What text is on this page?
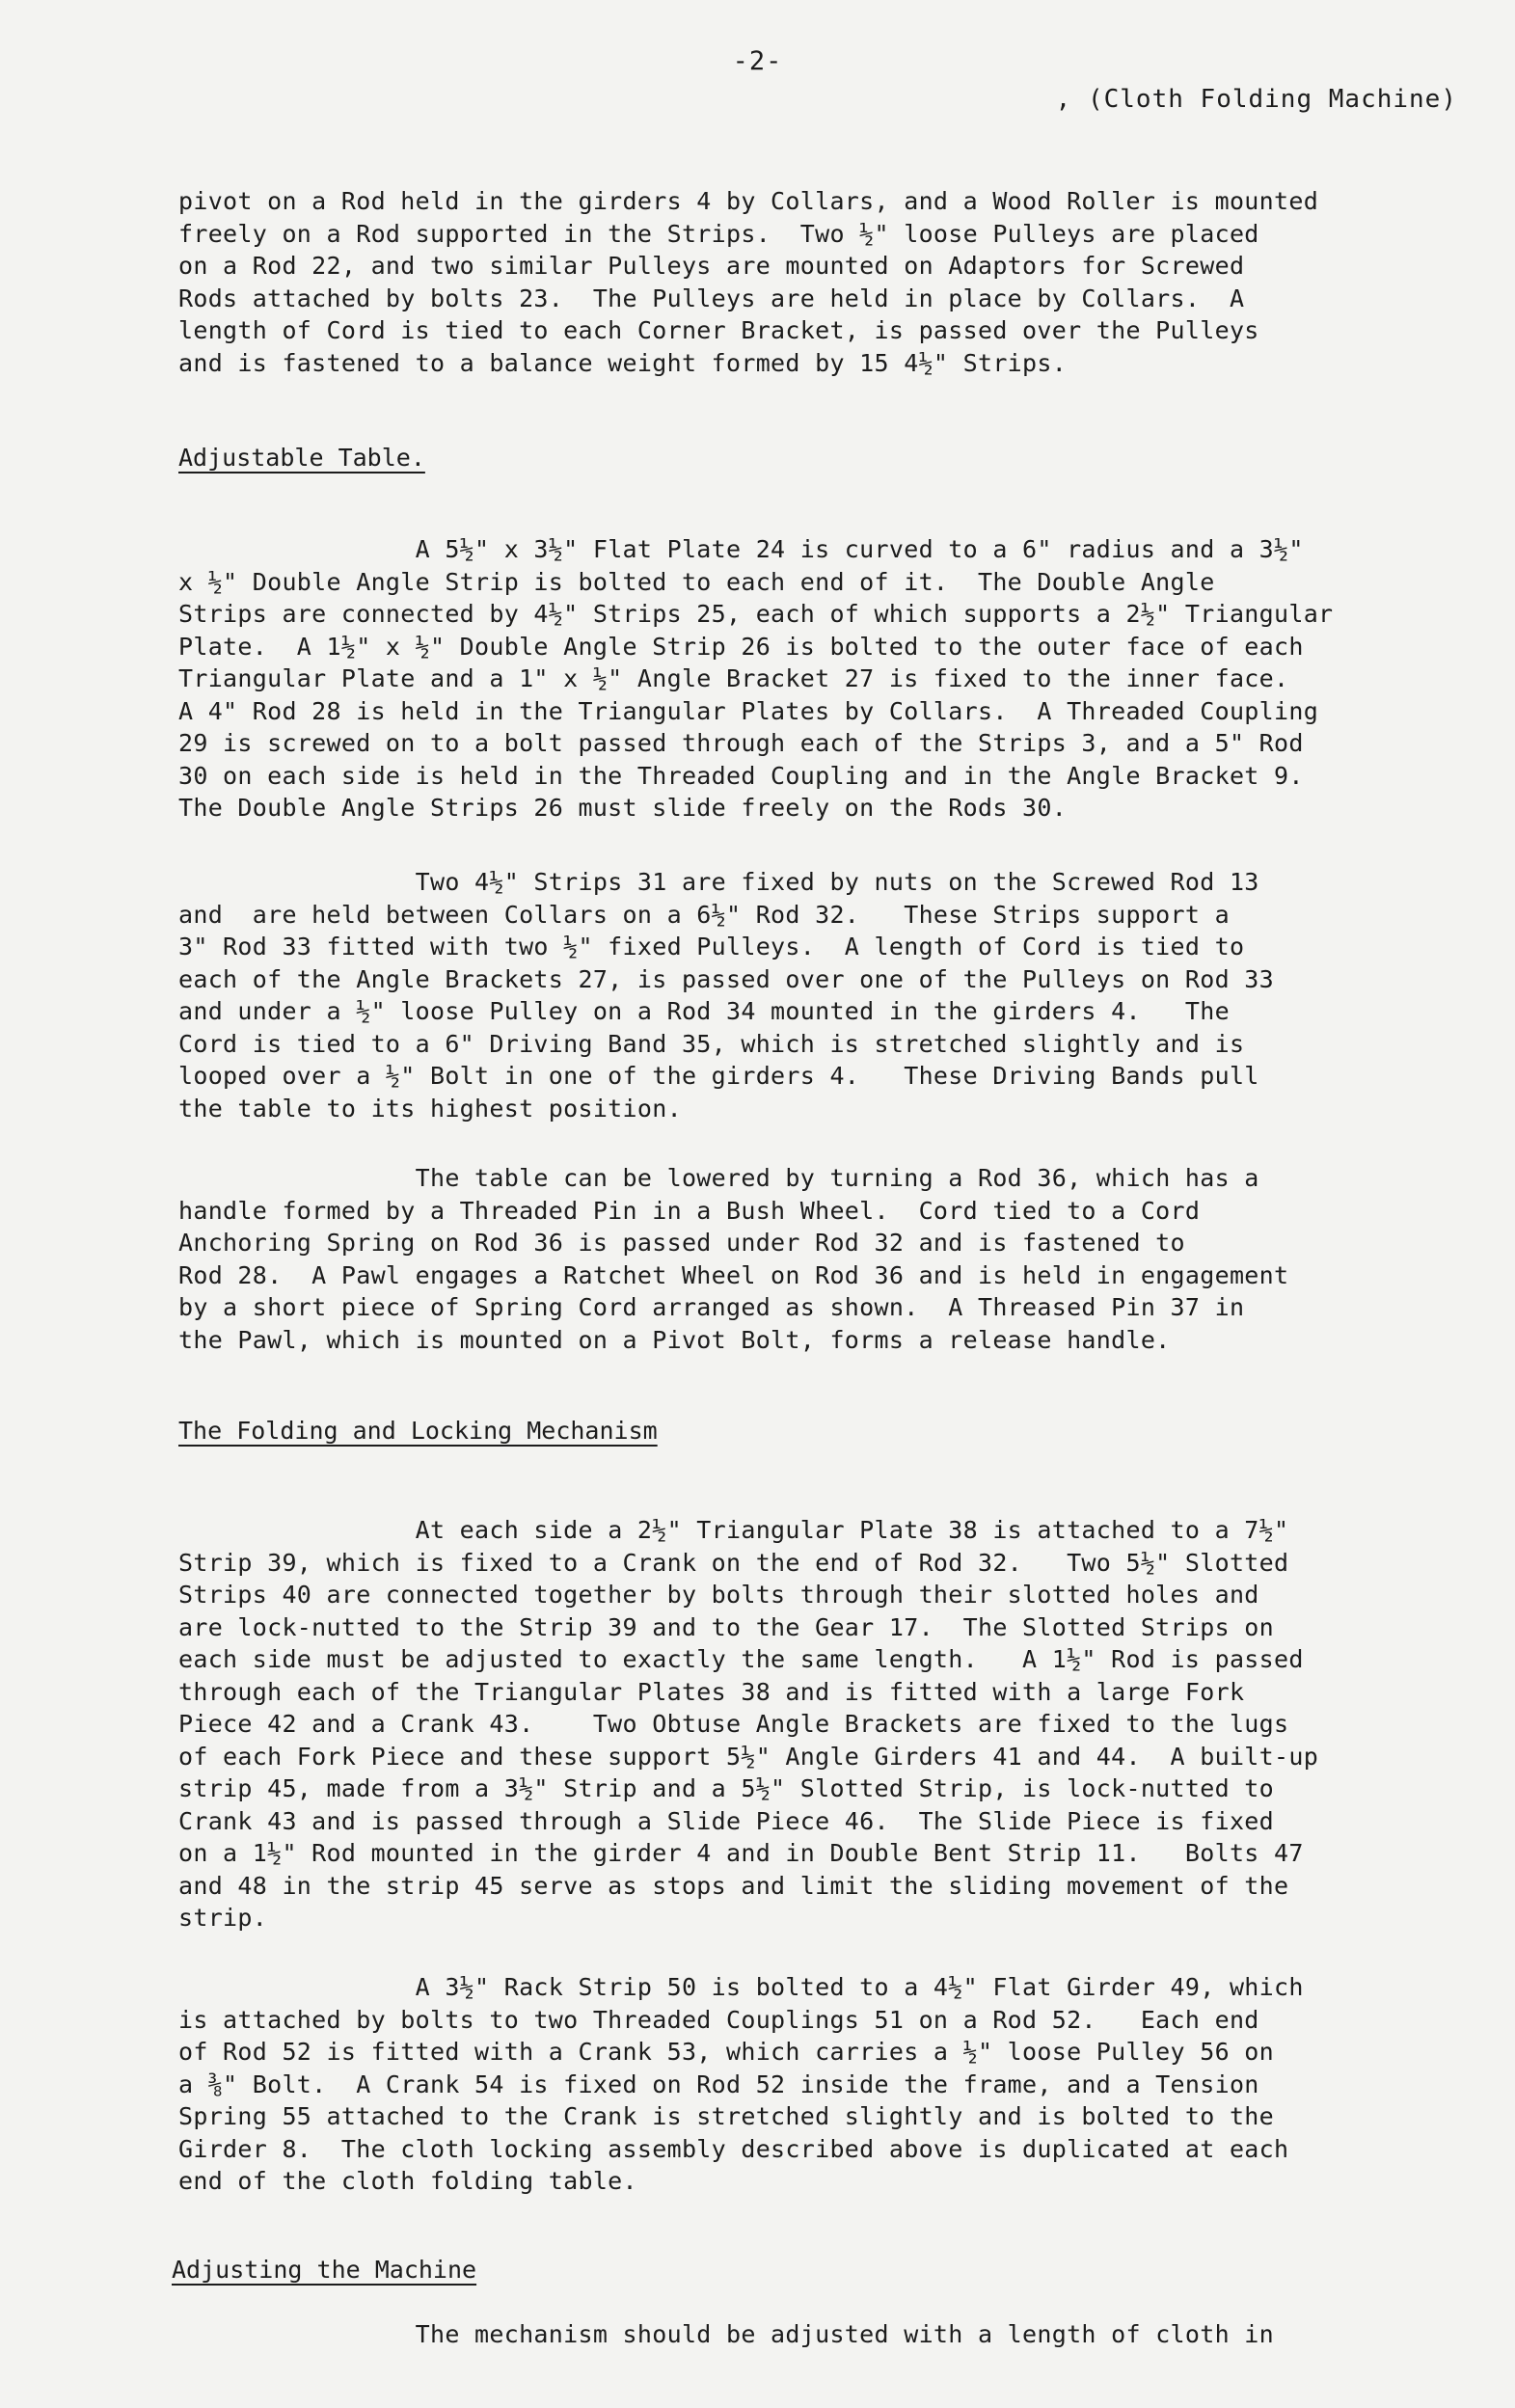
-2-
, (Cloth Folding Machine)

pivot on a Rod held in the girders 4 by Collars, and a Wood Roller is mounted
freely on a Rod supported in the Strips.  Two ½" loose Pulleys are placed
on a Rod 22, and two similar Pulleys are mounted on Adaptors for Screwed
Rods attached by bolts 23.  The Pulleys are held in place by Collars.  A
length of Cord is tied to each Corner Bracket, is passed over the Pulleys
and is fastened to a balance weight formed by 15 4½" Strips.

Adjustable Table.

A 5½" x 3½" Flat Plate 24 is curved to a 6" radius and a 3½"
x ½" Double Angle Strip is bolted to each end of it.  The Double Angle
Strips are connected by 4½" Strips 25, each of which supports a 2½" Triangular
Plate.  A 1½" x ½" Double Angle Strip 26 is bolted to the outer face of each
Triangular Plate and a 1" x ½" Angle Bracket 27 is fixed to the inner face.
A 4" Rod 28 is held in the Triangular Plates by Collars.  A Threaded Coupling
29 is screwed on to a bolt passed through each of the Strips 3, and a 5" Rod
30 on each side is held in the Threaded Coupling and in the Angle Bracket 9.
The Double Angle Strips 26 must slide freely on the Rods 30.

Two 4½" Strips 31 are fixed by nuts on the Screwed Rod 13
and  are held between Collars on a 6½" Rod 32.   These Strips support a
3" Rod 33 fitted with two ½" fixed Pulleys.  A length of Cord is tied to
each of the Angle Brackets 27, is passed over one of the Pulleys on Rod 33
and under a ½" loose Pulley on a Rod 34 mounted in the girders 4.   The
Cord is tied to a 6" Driving Band 35, which is stretched slightly and is
looped over a ½" Bolt in one of the girders 4.   These Driving Bands pull
the table to its highest position.

The table can be lowered by turning a Rod 36, which has a
handle formed by a Threaded Pin in a Bush Wheel.  Cord tied to a Cord
Anchoring Spring on Rod 36 is passed under Rod 32 and is fastened to
Rod 28.  A Pawl engages a Ratchet Wheel on Rod 36 and is held in engagement
by a short piece of Spring Cord arranged as shown.  A Threased Pin 37 in
the Pawl, which is mounted on a Pivot Bolt, forms a release handle.

The Folding and Locking Mechanism

At each side a 2½" Triangular Plate 38 is attached to a 7½"
Strip 39, which is fixed to a Crank on the end of Rod 32.   Two 5½" Slotted
Strips 40 are connected together by bolts through their slotted holes and
are lock-nutted to the Strip 39 and to the Gear 17.  The Slotted Strips on
each side must be adjusted to exactly the same length.   A 1½" Rod is passed
through each of the Triangular Plates 38 and is fitted with a large Fork
Piece 42 and a Crank 43.    Two Obtuse Angle Brackets are fixed to the lugs
of each Fork Piece and these support 5½" Angle Girders 41 and 44.  A built-up
strip 45, made from a 3½" Strip and a 5½" Slotted Strip, is lock-nutted to
Crank 43 and is passed through a Slide Piece 46.  The Slide Piece is fixed
on a 1½" Rod mounted in the girder 4 and in Double Bent Strip 11.   Bolts 47
and 48 in the strip 45 serve as stops and limit the sliding movement of the
strip.

A 3½" Rack Strip 50 is bolted to a 4½" Flat Girder 49, which
is attached by bolts to two Threaded Couplings 51 on a Rod 52.   Each end
of Rod 52 is fitted with a Crank 53, which carries a ½" loose Pulley 56 on
a ⅜" Bolt.  A Crank 54 is fixed on Rod 52 inside the frame, and a Tension
Spring 55 attached to the Crank is stretched slightly and is bolted to the
Girder 8.  The cloth locking assembly described above is duplicated at each
end of the cloth folding table.

Adjusting the Machine

The mechanism should be adjusted with a length of cloth in
